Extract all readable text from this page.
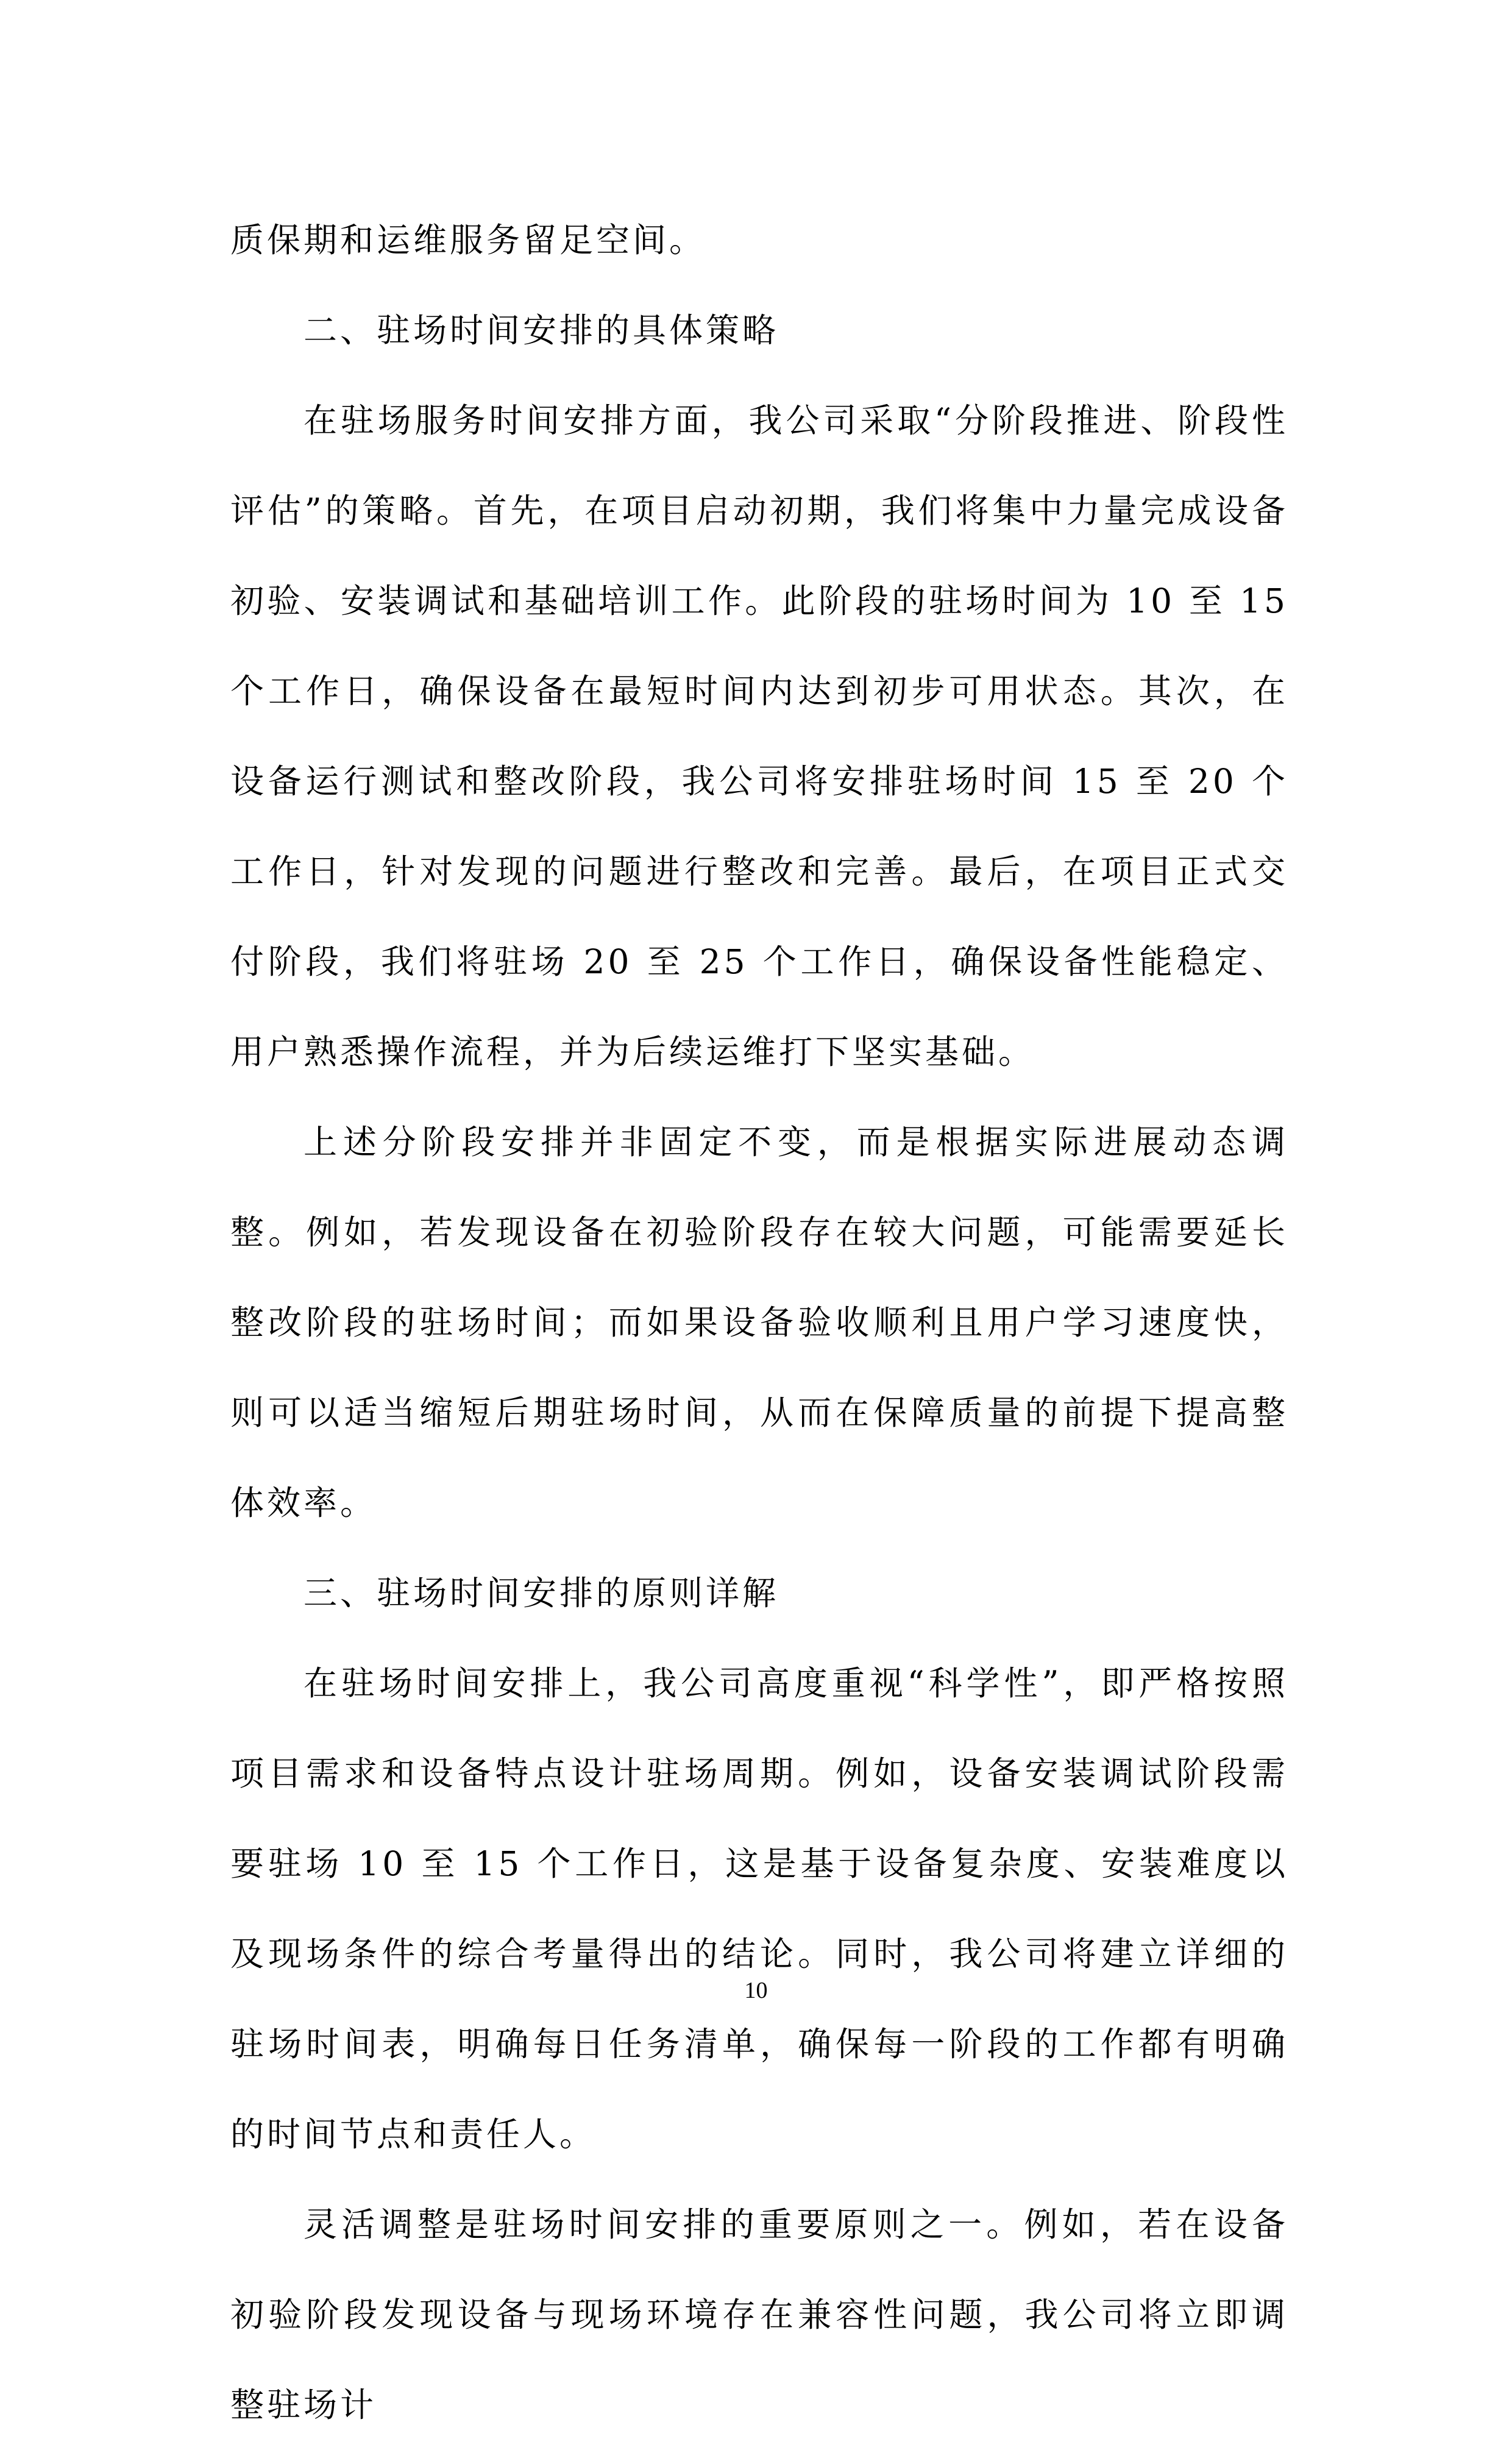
质保期和运维服务留足空间。

二、驻场时间安排的具体策略

在驻场服务时间安排方面，我公司采取“分阶段推进、阶段性评估”的策略。首先，在项目启动初期，我们将集中力量完成设备初验、安装调试和基础培训工作。此阶段的驻场时间为 10 至 15 个工作日，确保设备在最短时间内达到初步可用状态。其次，在设备运行测试和整改阶段，我公司将安排驻场时间 15 至 20 个工作日，针对发现的问题进行整改和完善。最后，在项目正式交付阶段，我们将驻场 20 至 25 个工作日，确保设备性能稳定、用户熟悉操作流程，并为后续运维打下坚实基础。

上述分阶段安排并非固定不变，而是根据实际进展动态调整。例如，若发现设备在初验阶段存在较大问题，可能需要延长整改阶段的驻场时间；而如果设备验收顺利且用户学习速度快，则可以适当缩短后期驻场时间，从而在保障质量的前提下提高整体效率。

三、驻场时间安排的原则详解

在驻场时间安排上，我公司高度重视“科学性”，即严格按照项目需求和设备特点设计驻场周期。例如，设备安装调试阶段需要驻场 10 至 15 个工作日，这是基于设备复杂度、安装难度以及现场条件的综合考量得出的结论。同时，我公司将建立详细的驻场时间表，明确每日任务清单，确保每一阶段的工作都有明确的时间节点和责任人。

灵活调整是驻场时间安排的重要原则之一。例如，若在设备初验阶段发现设备与现场环境存在兼容性问题，我公司将立即调整驻场计

10
